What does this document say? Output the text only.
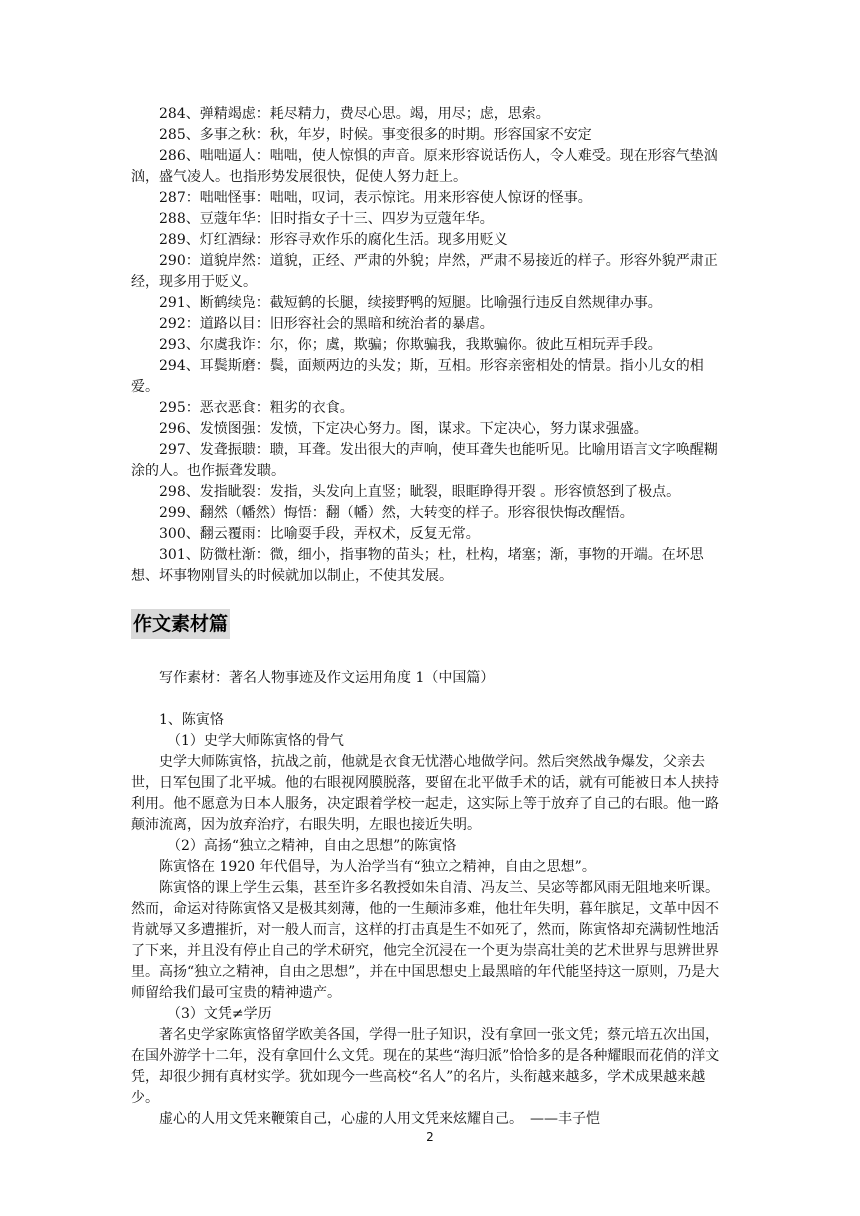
284、弹精竭虑：耗尽精力，费尽心思。竭，用尽；虑，思索。

285、多事之秋：秋，年岁，时候。事变很多的时期。形容国家不安定

286、咄咄逼人：咄咄，使人惊惧的声音。原来形容说话伤人，令人难受。现在形容气垫汹汹，盛气凌人。也指形势发展很快，促使人努力赶上。

287：咄咄怪事：咄咄，叹词，表示惊诧。用来形容使人惊讶的怪事。

288、豆蔻年华：旧时指女子十三、四岁为豆蔻年华。

289、灯红酒绿：形容寻欢作乐的腐化生活。现多用贬义

290：道貌岸然：道貌，正经、严肃的外貌；岸然，严肃不易接近的样子。形容外貌严肃正经，现多用于贬义。

291、断鹤续凫：截短鹤的长腿，续接野鸭的短腿。比喻强行违反自然规律办事。

292：道路以目：旧形容社会的黑暗和统治者的暴虐。

293、尔虞我诈：尔，你；虞，欺骗；你欺骗我，我欺骗你。彼此互相玩弄手段。

294、耳鬓斯磨：鬓，面颊两边的头发；斯，互相。形容亲密相处的情景。指小儿女的相爱。

295：恶衣恶食：粗劣的衣食。

296、发愤图强：发愤，下定决心努力。图，谋求。下定决心，努力谋求强盛。

297、发聋振聩：聩，耳聋。发出很大的声响，使耳聋失也能听见。比喻用语言文字唤醒糊涂的人。也作振聋发聩。

298、发指眦裂：发指，头发向上直竖；眦裂，眼眶睁得开裂 。形容愤怒到了极点。

299、翻然（幡然）悔悟：翻（幡）然，大转变的样子。形容很快悔改醒悟。

300、翻云覆雨：比喻耍手段，弄权术，反复无常。

301、防微杜渐：微，细小，指事物的苗头；杜，杜构，堵塞；渐，事物的开端。在坏思想、坏事物刚冒头的时候就加以制止，不使其发展。

作文素材篇
写作素材：著名人物事迹及作文运用角度 1（中国篇）

1、陈寅恪

（1）史学大师陈寅恪的骨气

史学大师陈寅恪，抗战之前，他就是衣食无忧潜心地做学问。然后突然战争爆发，父亲去世，日军包围了北平城。他的右眼视网膜脱落，要留在北平做手术的话，就有可能被日本人挟持利用。他不愿意为日本人服务，决定跟着学校一起走，这实际上等于放弃了自己的右眼。他一路颠沛流离，因为放弃治疗，右眼失明，左眼也接近失明。

（2）高扬“独立之精神，自由之思想”的陈寅恪

陈寅恪在 1920 年代倡导，为人治学当有“独立之精神，自由之思想”。

陈寅恪的课上学生云集，甚至许多名教授如朱自清、冯友兰、吴宓等都风雨无阻地来听课。然而，命运对待陈寅恪又是极其刻薄，他的一生颠沛多难，他壮年失明，暮年膑足，文革中因不肯就辱又多遭摧折，对一般人而言，这样的打击真是生不如死了，然而，陈寅恪却充满韧性地活了下来，并且没有停止自己的学术研究，他完全沉浸在一个更为崇高壮美的艺术世界与思辨世界里。高扬“独立之精神，自由之思想”，并在中国思想史上最黑暗的年代能坚持这一原则，乃是大师留给我们最可宝贵的精神遗产。

（3）文凭≠学历

著名史学家陈寅恪留学欧美各国，学得一肚子知识，没有拿回一张文凭；蔡元培五次出国，在国外游学十二年，没有拿回什么文凭。现在的某些“海归派”恰恰多的是各种耀眼而花俏的洋文凭，却很少拥有真材实学。犹如现今一些高校“名人”的名片，头衔越来越多，学术成果越来越少。

虚心的人用文凭来鞭策自己，心虚的人用文凭来炫耀自己。　——丰子恺

2
